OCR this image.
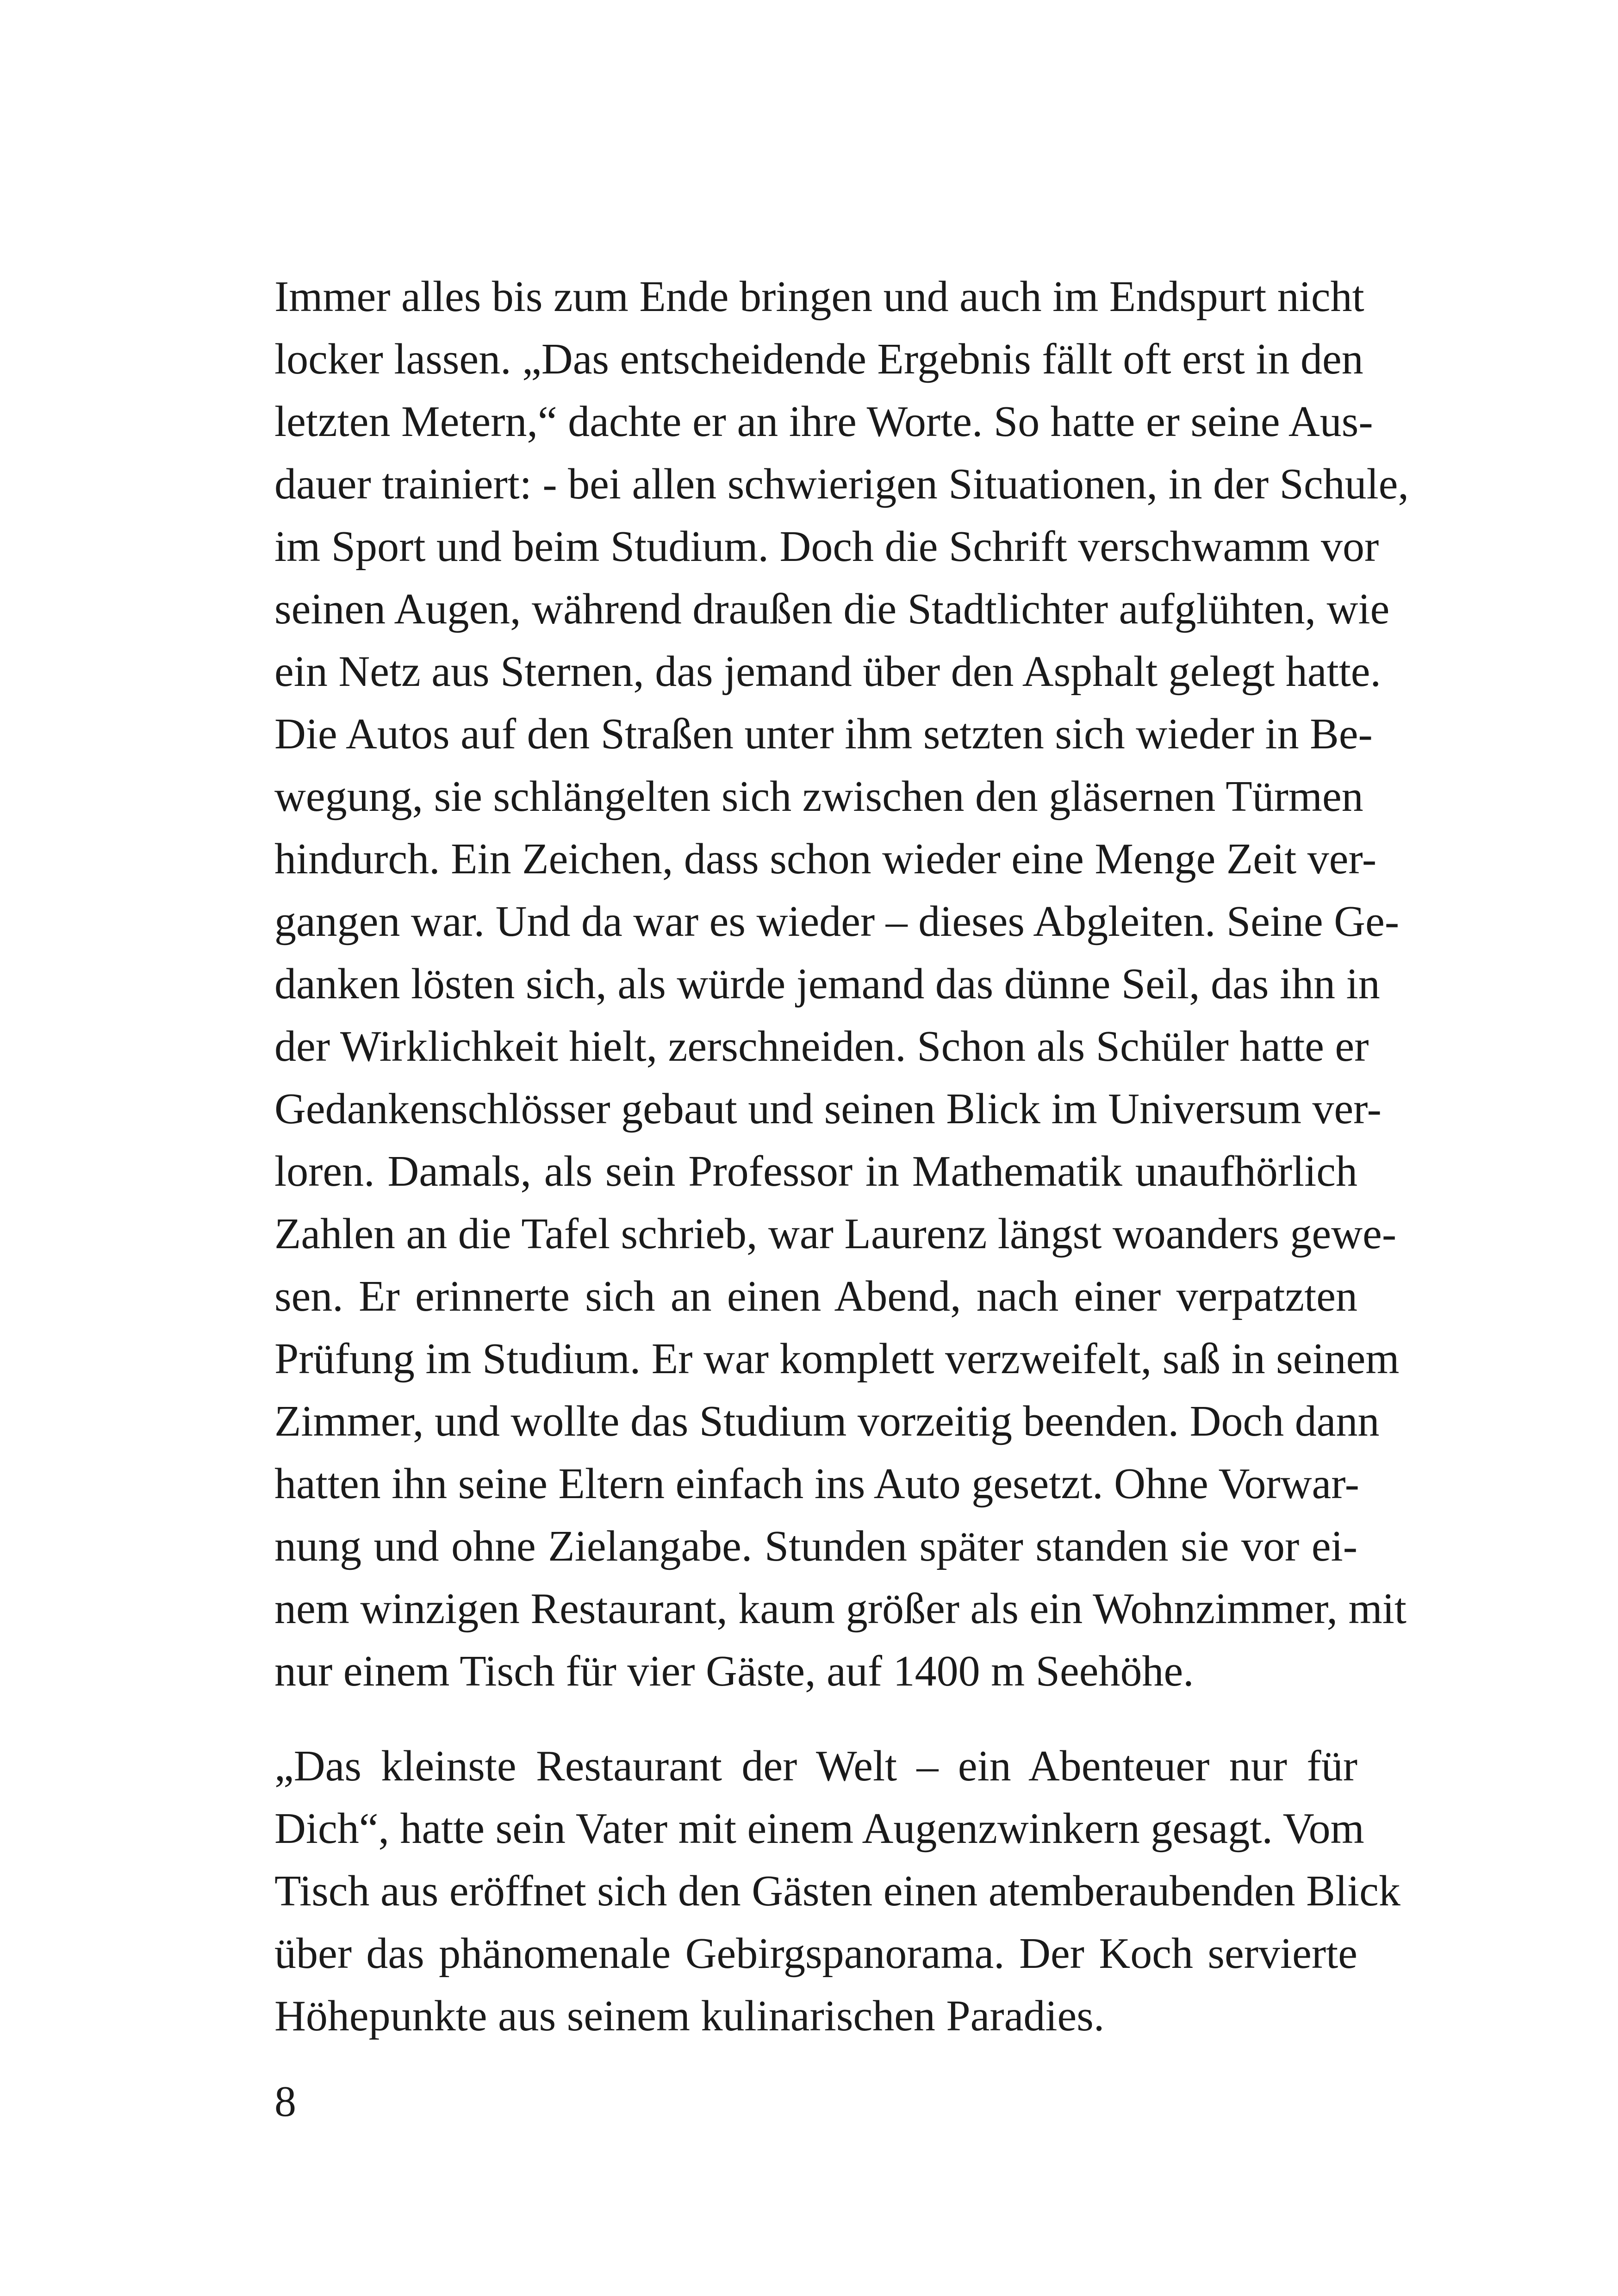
Immer alles bis zum Ende bringen und auch im Endspurt nicht
locker lassen. „Das entscheidende Ergebnis fällt oft erst in den
letzten Metern,“ dachte er an ihre Worte. So hatte er seine Aus-
dauer trainiert: - bei allen schwierigen Situationen, in der Schule,
im Sport und beim Studium. Doch die Schrift verschwamm vor
seinen Augen, während draußen die Stadtlichter aufglühten, wie
ein Netz aus Sternen, das jemand über den Asphalt gelegt hatte.
Die Autos auf den Straßen unter ihm setzten sich wieder in Be-
wegung, sie schlängelten sich zwischen den gläsernen Türmen
hindurch. Ein Zeichen, dass schon wieder eine Menge Zeit ver-
gangen war. Und da war es wieder – dieses Abgleiten. Seine Ge-
danken lösten sich, als würde jemand das dünne Seil, das ihn in
der Wirklichkeit hielt, zerschneiden. Schon als Schüler hatte er
Gedankenschlösser gebaut und seinen Blick im Universum ver-
loren. Damals, als sein Professor in Mathematik unaufhörlich
Zahlen an die Tafel schrieb, war Laurenz längst woanders gewe-
sen. Er erinnerte sich an einen Abend, nach einer verpatzten
Prüfung im Studium. Er war komplett verzweifelt, saß in seinem
Zimmer, und wollte das Studium vorzeitig beenden. Doch dann
hatten ihn seine Eltern einfach ins Auto gesetzt. Ohne Vorwar-
nung und ohne Zielangabe. Stunden später standen sie vor ei-
nem winzigen Restaurant, kaum größer als ein Wohnzimmer, mit
nur einem Tisch für vier Gäste, auf 1400 m Seehöhe.
„Das kleinste Restaurant der Welt – ein Abenteuer nur für
Dich“, hatte sein Vater mit einem Augenzwinkern gesagt. Vom
Tisch aus eröffnet sich den Gästen einen atemberaubenden Blick
über das phänomenale Gebirgspanorama. Der Koch servierte
Höhepunkte aus seinem kulinarischen Paradies.
8
